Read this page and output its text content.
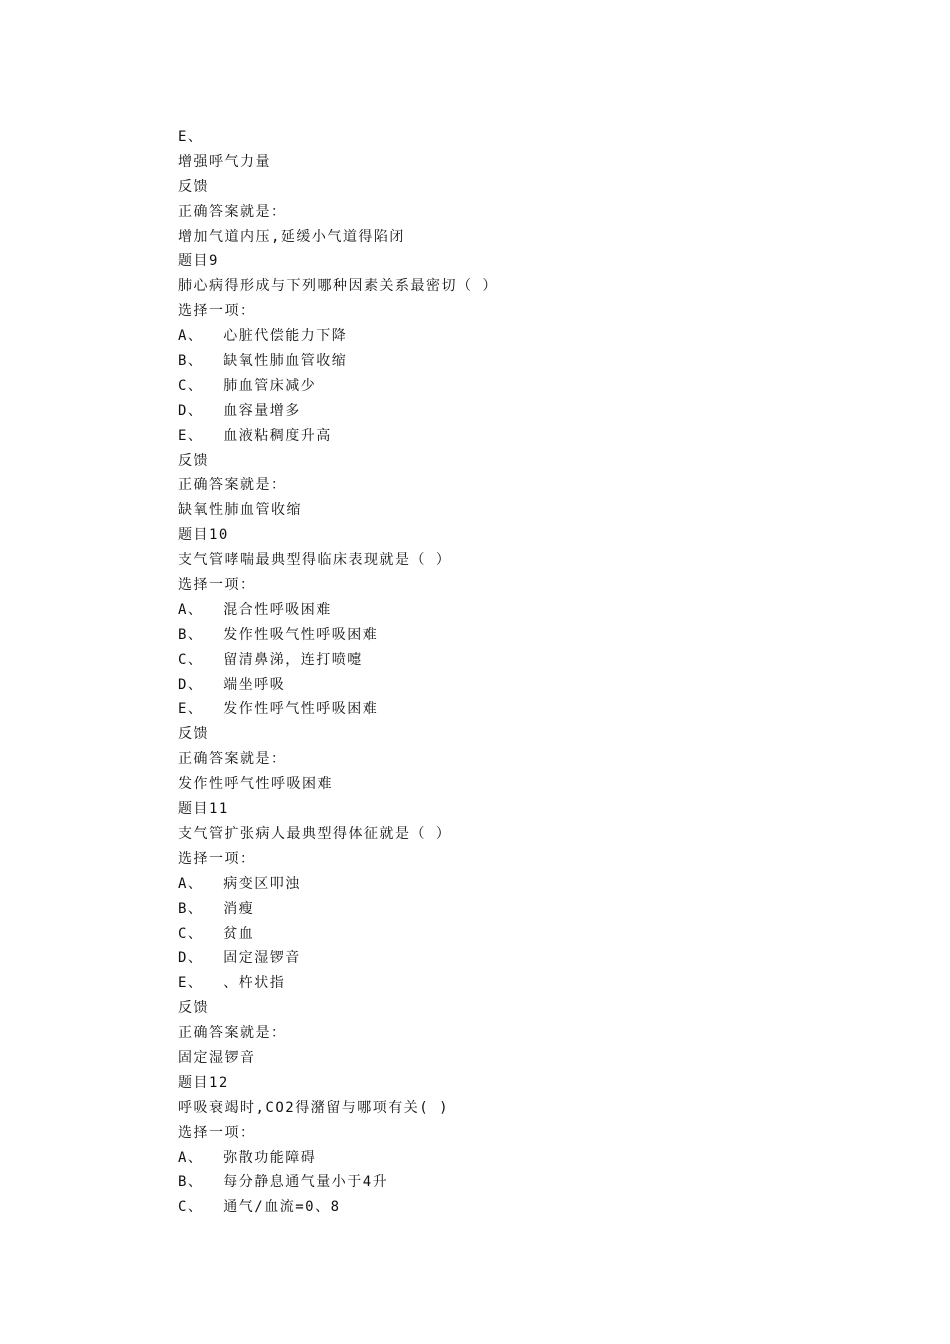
E、
增强呼气力量
反馈
正确答案就是：
增加气道内压,延缓小气道得陷闭
题目9
肺心病得形成与下列哪种因素关系最密切（ ）
选择一项：
A、  心脏代偿能力下降
B、  缺氧性肺血管收缩
C、  肺血管床减少
D、  血容量增多
E、  血液粘稠度升高
反馈
正确答案就是：
缺氧性肺血管收缩
题目10
支气管哮喘最典型得临床表现就是（ ）
选择一项：
A、  混合性呼吸困难
B、  发作性吸气性呼吸困难
C、  留清鼻涕，连打喷嚏
D、  端坐呼吸
E、  发作性呼气性呼吸困难
反馈
正确答案就是：
发作性呼气性呼吸困难
题目11
支气管扩张病人最典型得体征就是（ ）
选择一项：
A、  病变区叩浊
B、  消瘦
C、  贫血
D、  固定湿锣音
E、  、杵状指
反馈
正确答案就是：
固定湿锣音
题目12
呼吸衰竭时,CO2得潴留与哪项有关( )
选择一项：
A、  弥散功能障碍
B、  每分静息通气量小于4升
C、  通气/血流=0、8
